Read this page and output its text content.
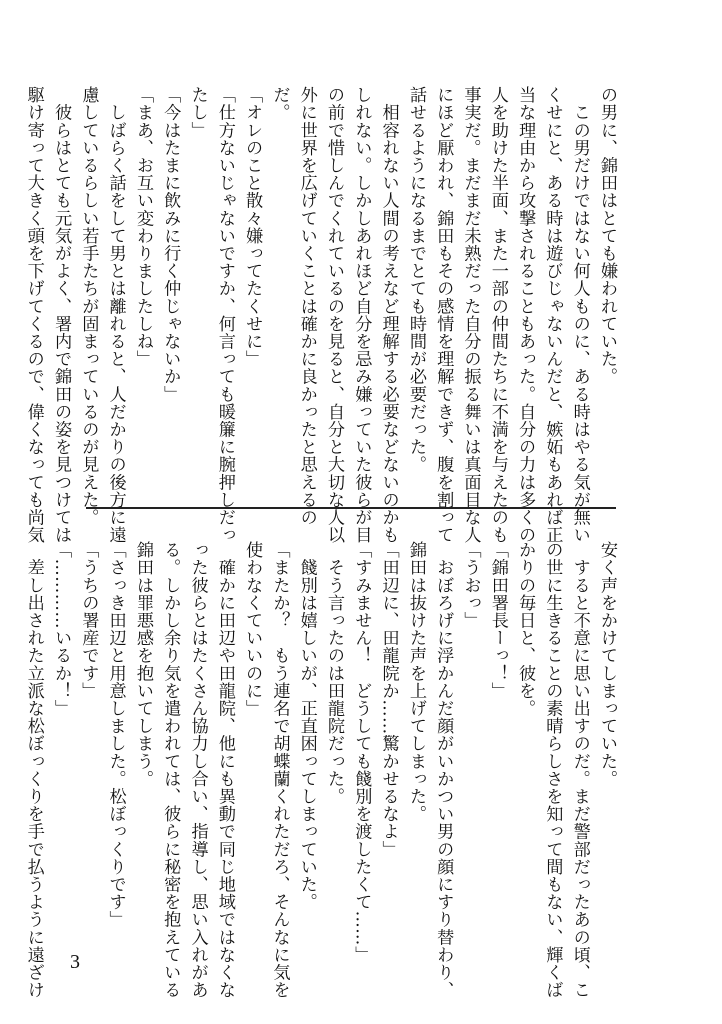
の男に、錦田はとても嫌われていた。

　この男だけではない何人ものに、ある時はやる気が無い

くせにと、ある時は遊びじゃないんだと、嫉妬もあれば正

当な理由から攻撃されることもあった。自分の力は多くの

人を助けた半面、また一部の仲間たちに不満を与えたのも

事実だ。まだまだ未熟だった自分の振る舞いは真面目な人

にほど厭われ、錦田もその感情を理解できず、腹を割って

話せるようになるまでとても時間が必要だった。

　相容れない人間の考えなど理解する必要などないのかも

しれない。しかしあれほど自分を忌み嫌っていた彼らが目

の前で惜しんでくれているのを見ると、自分と大切な人以

外に世界を広げていくことは確かに良かったと思えるの

だ。

「オレのこと散々嫌ってたくせに」

「仕方ないじゃないですか、何言っても暖簾に腕押しだっ

たし」

「今はたまに飲みに行く仲じゃないか」

「まあ、お互い変わりましたしね」

　しばらく話をして男とは離れると、人だかりの後方に遠

慮しているらしい若手たちが固まっているのが見えた。

　彼らはとても元気がよく、署内で錦田の姿を見つけては

駆け寄って大きく頭を下げてくるので、偉くなっても尚気

安く声をかけてしまっていた。

　すると不意に思い出すのだ。まだ警部だったあの頃、こ

の世に生きることの素晴らしさを知って間もない、輝くば

かりの毎日と、彼を。

「錦田署長ーっ！」

「うおっ」

　おぼろげに浮かんだ顔がいかつい男の顔にすり替わり、

錦田は抜けた声を上げてしまった。

「田辺に、田龍院か……驚かせるなよ」

「すみません！　どうしても餞別を渡したくて……」

　そう言ったのは田龍院だった。

　餞別は嬉しいが、正直困ってしまっていた。

「またか？　もう連名で胡蝶蘭くれただろ、そんなに気を

使わなくていいのに」

　確かに田辺や田龍院、他にも異動で同じ地域ではなくな

った彼らとはたくさん協力し合い、指導し、思い入れがあ

る。しかし余り気を遣われては、彼らに秘密を抱えている

錦田は罪悪感を抱いてしまう。

「さっき田辺と用意しました。松ぼっくりです」

「うちの署産です」

「…………いるか！」

　差し出された立派な松ぼっくりを手で払うように遠ざけ 3
